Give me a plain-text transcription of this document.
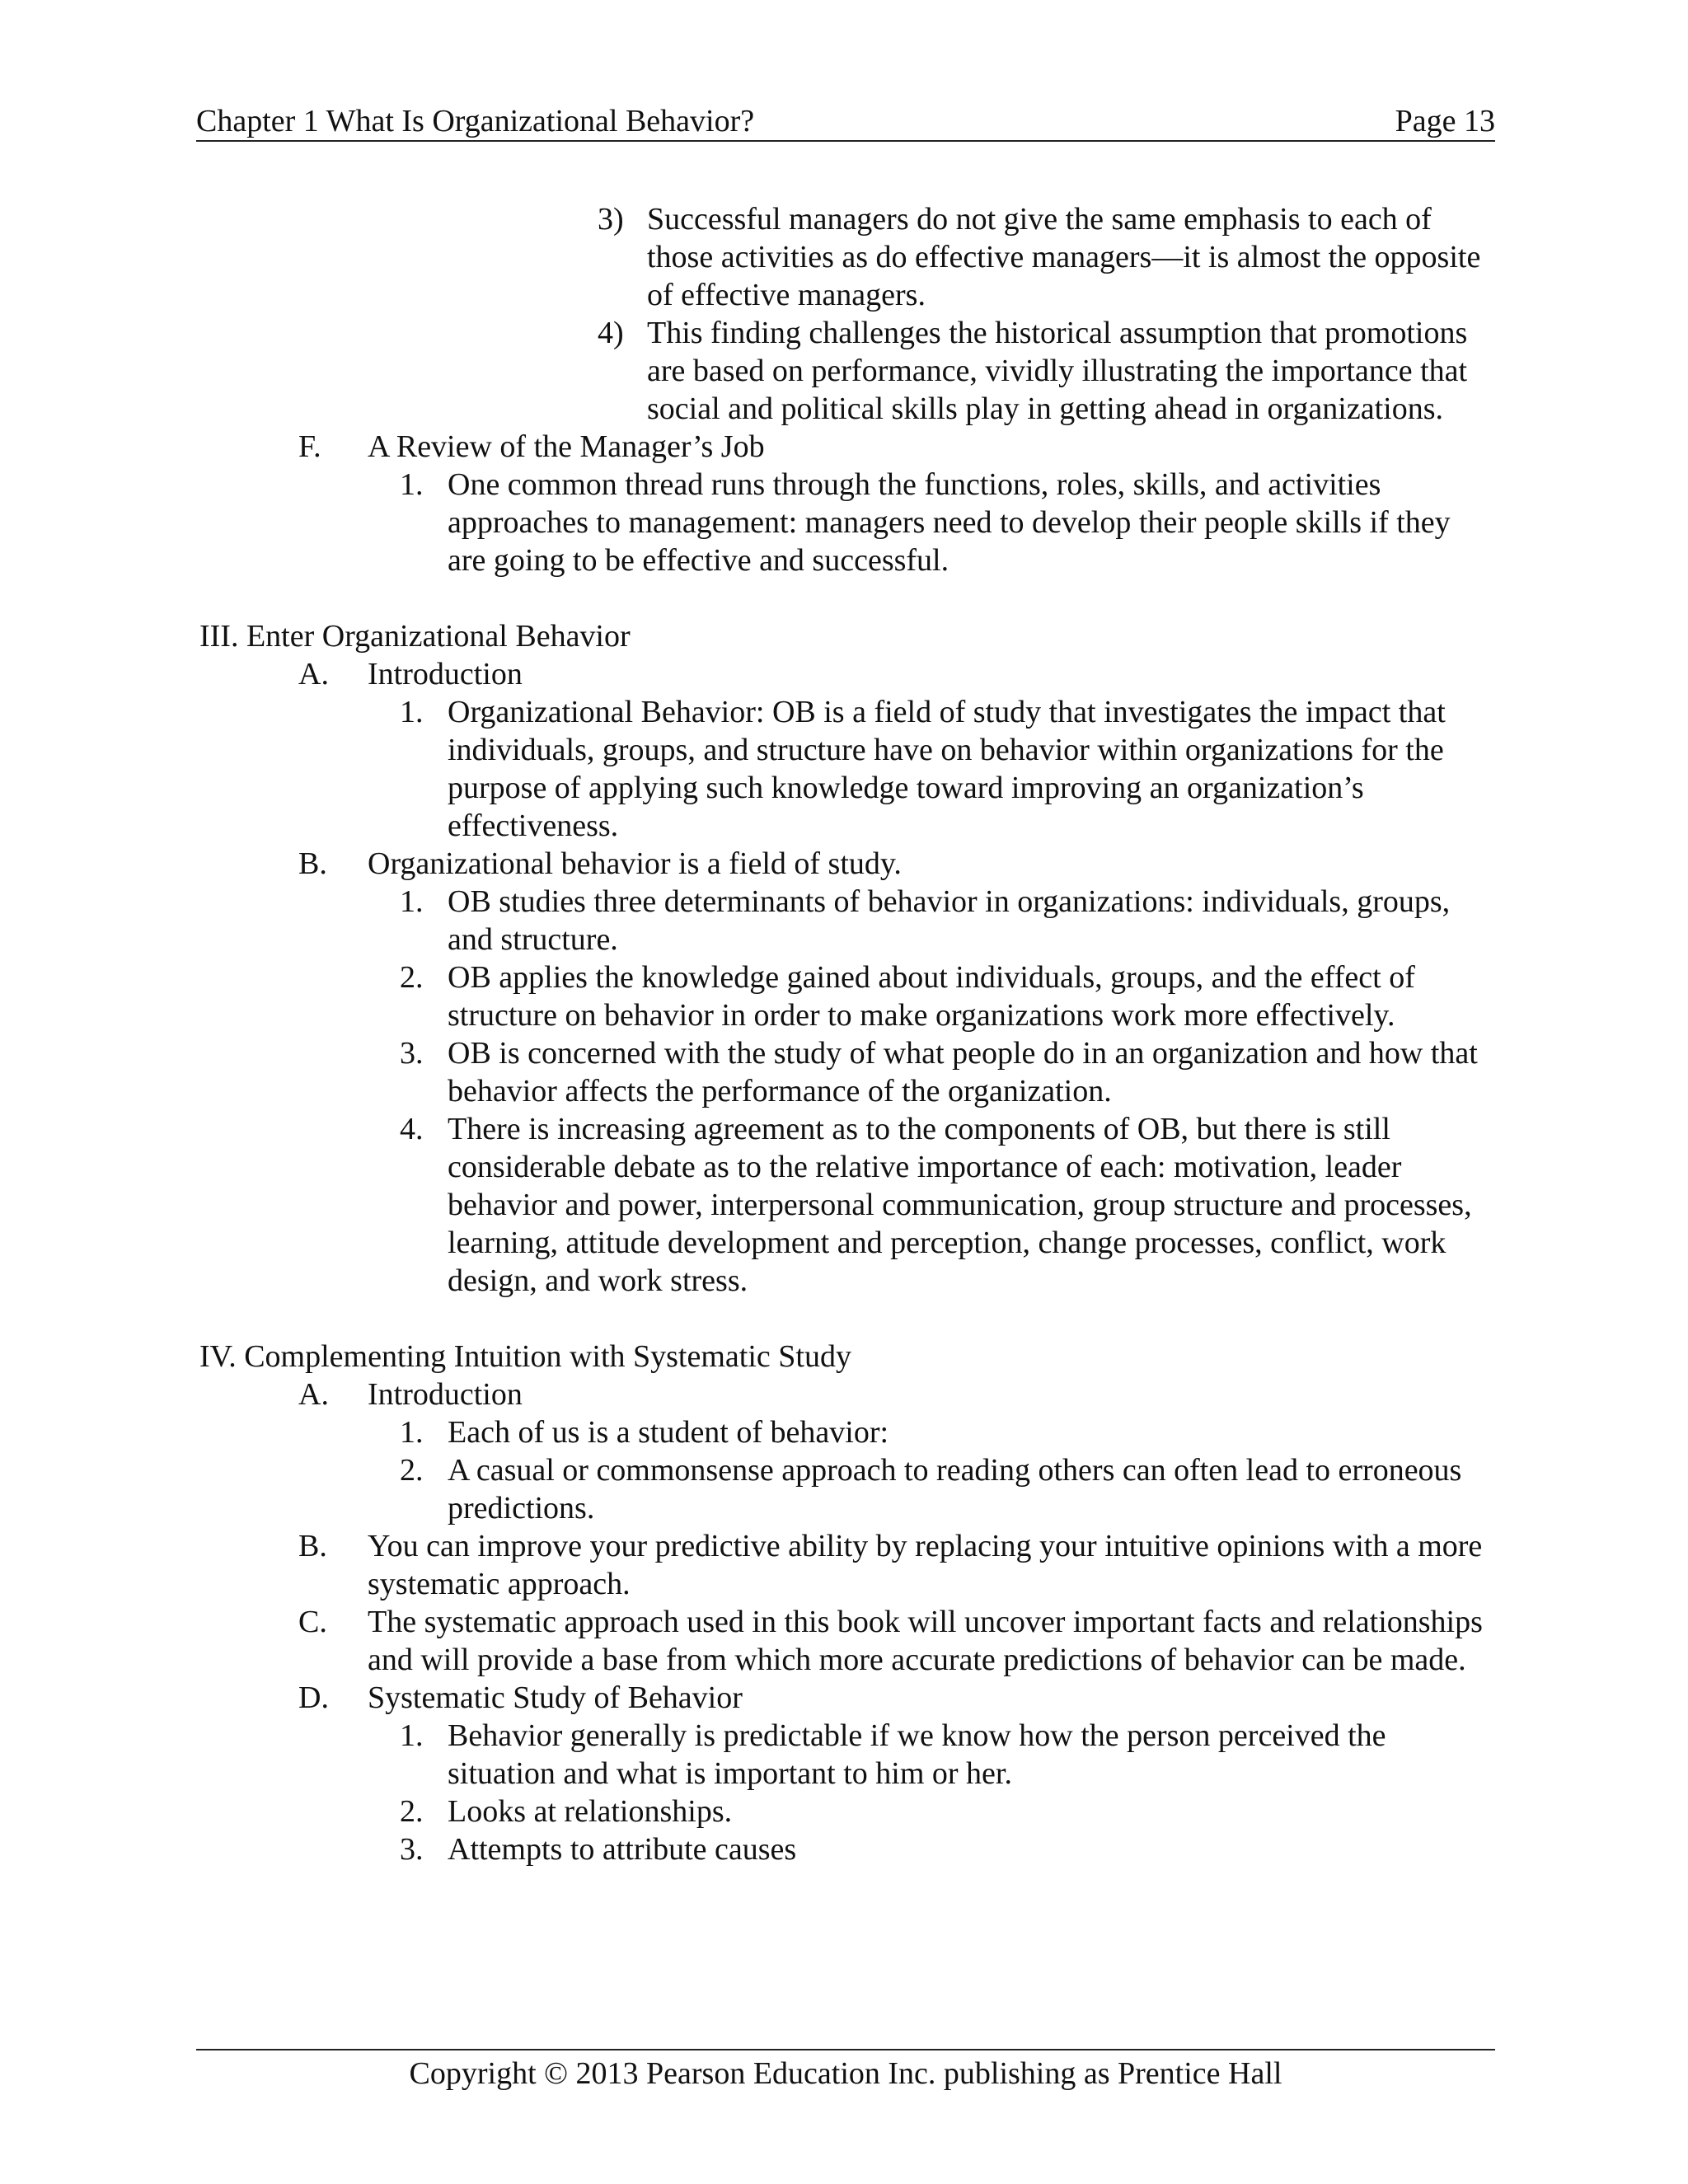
Chapter 1 What Is Organizational Behavior?	Page 13
3) Successful managers do not give the same emphasis to each of those activities as do effective managers—it is almost the opposite of effective managers.
4) This finding challenges the historical assumption that promotions are based on performance, vividly illustrating the importance that social and political skills play in getting ahead in organizations.
F. A Review of the Manager’s Job
1. One common thread runs through the functions, roles, skills, and activities approaches to management: managers need to develop their people skills if they are going to be effective and successful.
III. Enter Organizational Behavior
A. Introduction
1. Organizational Behavior: OB is a field of study that investigates the impact that individuals, groups, and structure have on behavior within organizations for the purpose of applying such knowledge toward improving an organization’s effectiveness.
B. Organizational behavior is a field of study.
1. OB studies three determinants of behavior in organizations: individuals, groups, and structure.
2. OB applies the knowledge gained about individuals, groups, and the effect of structure on behavior in order to make organizations work more effectively.
3. OB is concerned with the study of what people do in an organization and how that behavior affects the performance of the organization.
4. There is increasing agreement as to the components of OB, but there is still considerable debate as to the relative importance of each: motivation, leader behavior and power, interpersonal communication, group structure and processes, learning, attitude development and perception, change processes, conflict, work design, and work stress.
IV. Complementing Intuition with Systematic Study
A. Introduction
1. Each of us is a student of behavior:
2. A casual or commonsense approach to reading others can often lead to erroneous predictions.
B. You can improve your predictive ability by replacing your intuitive opinions with a more systematic approach.
C. The systematic approach used in this book will uncover important facts and relationships and will provide a base from which more accurate predictions of behavior can be made.
D. Systematic Study of Behavior
1. Behavior generally is predictable if we know how the person perceived the situation and what is important to him or her.
2. Looks at relationships.
3. Attempts to attribute causes
Copyright © 2013 Pearson Education Inc. publishing as Prentice Hall
